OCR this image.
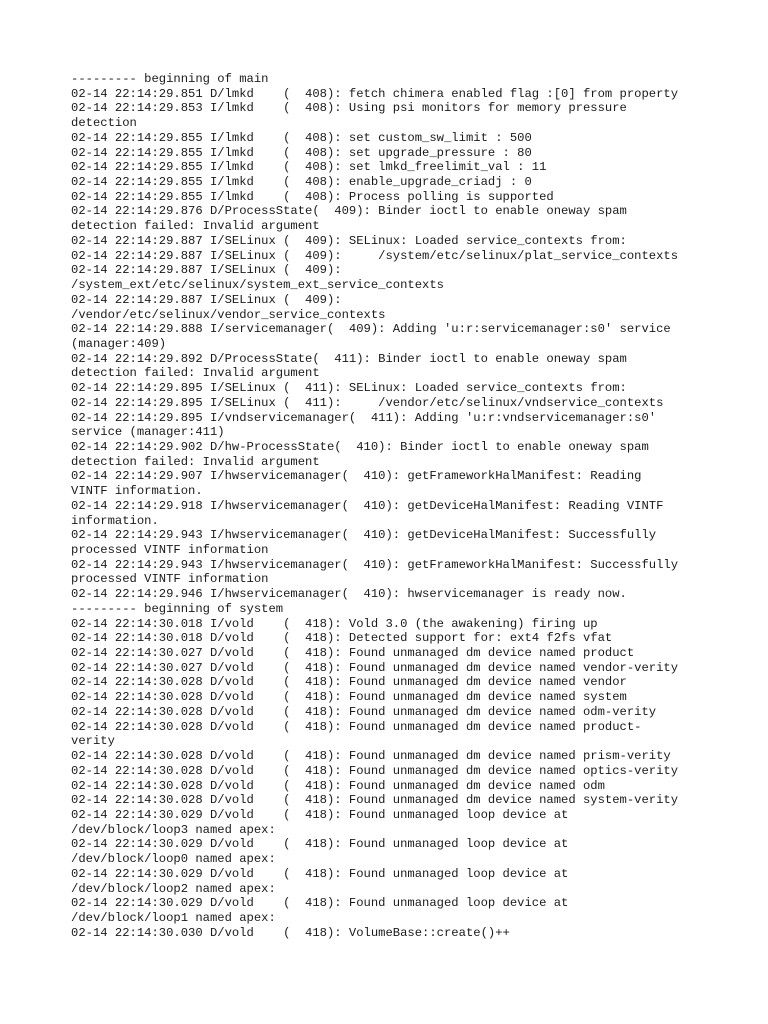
--------- beginning of main
02-14 22:14:29.851 D/lmkd    (  408): fetch chimera enabled flag :[0] from property
02-14 22:14:29.853 I/lmkd    (  408): Using psi monitors for memory pressure
detection
02-14 22:14:29.855 I/lmkd    (  408): set custom_sw_limit : 500
02-14 22:14:29.855 I/lmkd    (  408): set upgrade_pressure : 80
02-14 22:14:29.855 I/lmkd    (  408): set lmkd_freelimit_val : 11
02-14 22:14:29.855 I/lmkd    (  408): enable_upgrade_criadj : 0
02-14 22:14:29.855 I/lmkd    (  408): Process polling is supported
02-14 22:14:29.876 D/ProcessState(  409): Binder ioctl to enable oneway spam
detection failed: Invalid argument
02-14 22:14:29.887 I/SELinux (  409): SELinux: Loaded service_contexts from:
02-14 22:14:29.887 I/SELinux (  409):     /system/etc/selinux/plat_service_contexts
02-14 22:14:29.887 I/SELinux (  409):
/system_ext/etc/selinux/system_ext_service_contexts
02-14 22:14:29.887 I/SELinux (  409):
/vendor/etc/selinux/vendor_service_contexts
02-14 22:14:29.888 I/servicemanager(  409): Adding 'u:r:servicemanager:s0' service
(manager:409)
02-14 22:14:29.892 D/ProcessState(  411): Binder ioctl to enable oneway spam
detection failed: Invalid argument
02-14 22:14:29.895 I/SELinux (  411): SELinux: Loaded service_contexts from:
02-14 22:14:29.895 I/SELinux (  411):     /vendor/etc/selinux/vndservice_contexts
02-14 22:14:29.895 I/vndservicemanager(  411): Adding 'u:r:vndservicemanager:s0'
service (manager:411)
02-14 22:14:29.902 D/hw-ProcessState(  410): Binder ioctl to enable oneway spam
detection failed: Invalid argument
02-14 22:14:29.907 I/hwservicemanager(  410): getFrameworkHalManifest: Reading
VINTF information.
02-14 22:14:29.918 I/hwservicemanager(  410): getDeviceHalManifest: Reading VINTF
information.
02-14 22:14:29.943 I/hwservicemanager(  410): getDeviceHalManifest: Successfully
processed VINTF information
02-14 22:14:29.943 I/hwservicemanager(  410): getFrameworkHalManifest: Successfully
processed VINTF information
02-14 22:14:29.946 I/hwservicemanager(  410): hwservicemanager is ready now.
--------- beginning of system
02-14 22:14:30.018 I/vold    (  418): Vold 3.0 (the awakening) firing up
02-14 22:14:30.018 D/vold    (  418): Detected support for: ext4 f2fs vfat
02-14 22:14:30.027 D/vold    (  418): Found unmanaged dm device named product
02-14 22:14:30.027 D/vold    (  418): Found unmanaged dm device named vendor-verity
02-14 22:14:30.028 D/vold    (  418): Found unmanaged dm device named vendor
02-14 22:14:30.028 D/vold    (  418): Found unmanaged dm device named system
02-14 22:14:30.028 D/vold    (  418): Found unmanaged dm device named odm-verity
02-14 22:14:30.028 D/vold    (  418): Found unmanaged dm device named product-
verity
02-14 22:14:30.028 D/vold    (  418): Found unmanaged dm device named prism-verity
02-14 22:14:30.028 D/vold    (  418): Found unmanaged dm device named optics-verity
02-14 22:14:30.028 D/vold    (  418): Found unmanaged dm device named odm
02-14 22:14:30.028 D/vold    (  418): Found unmanaged dm device named system-verity
02-14 22:14:30.029 D/vold    (  418): Found unmanaged loop device at
/dev/block/loop3 named apex:
02-14 22:14:30.029 D/vold    (  418): Found unmanaged loop device at
/dev/block/loop0 named apex:
02-14 22:14:30.029 D/vold    (  418): Found unmanaged loop device at
/dev/block/loop2 named apex:
02-14 22:14:30.029 D/vold    (  418): Found unmanaged loop device at
/dev/block/loop1 named apex:
02-14 22:14:30.030 D/vold    (  418): VolumeBase::create()++
